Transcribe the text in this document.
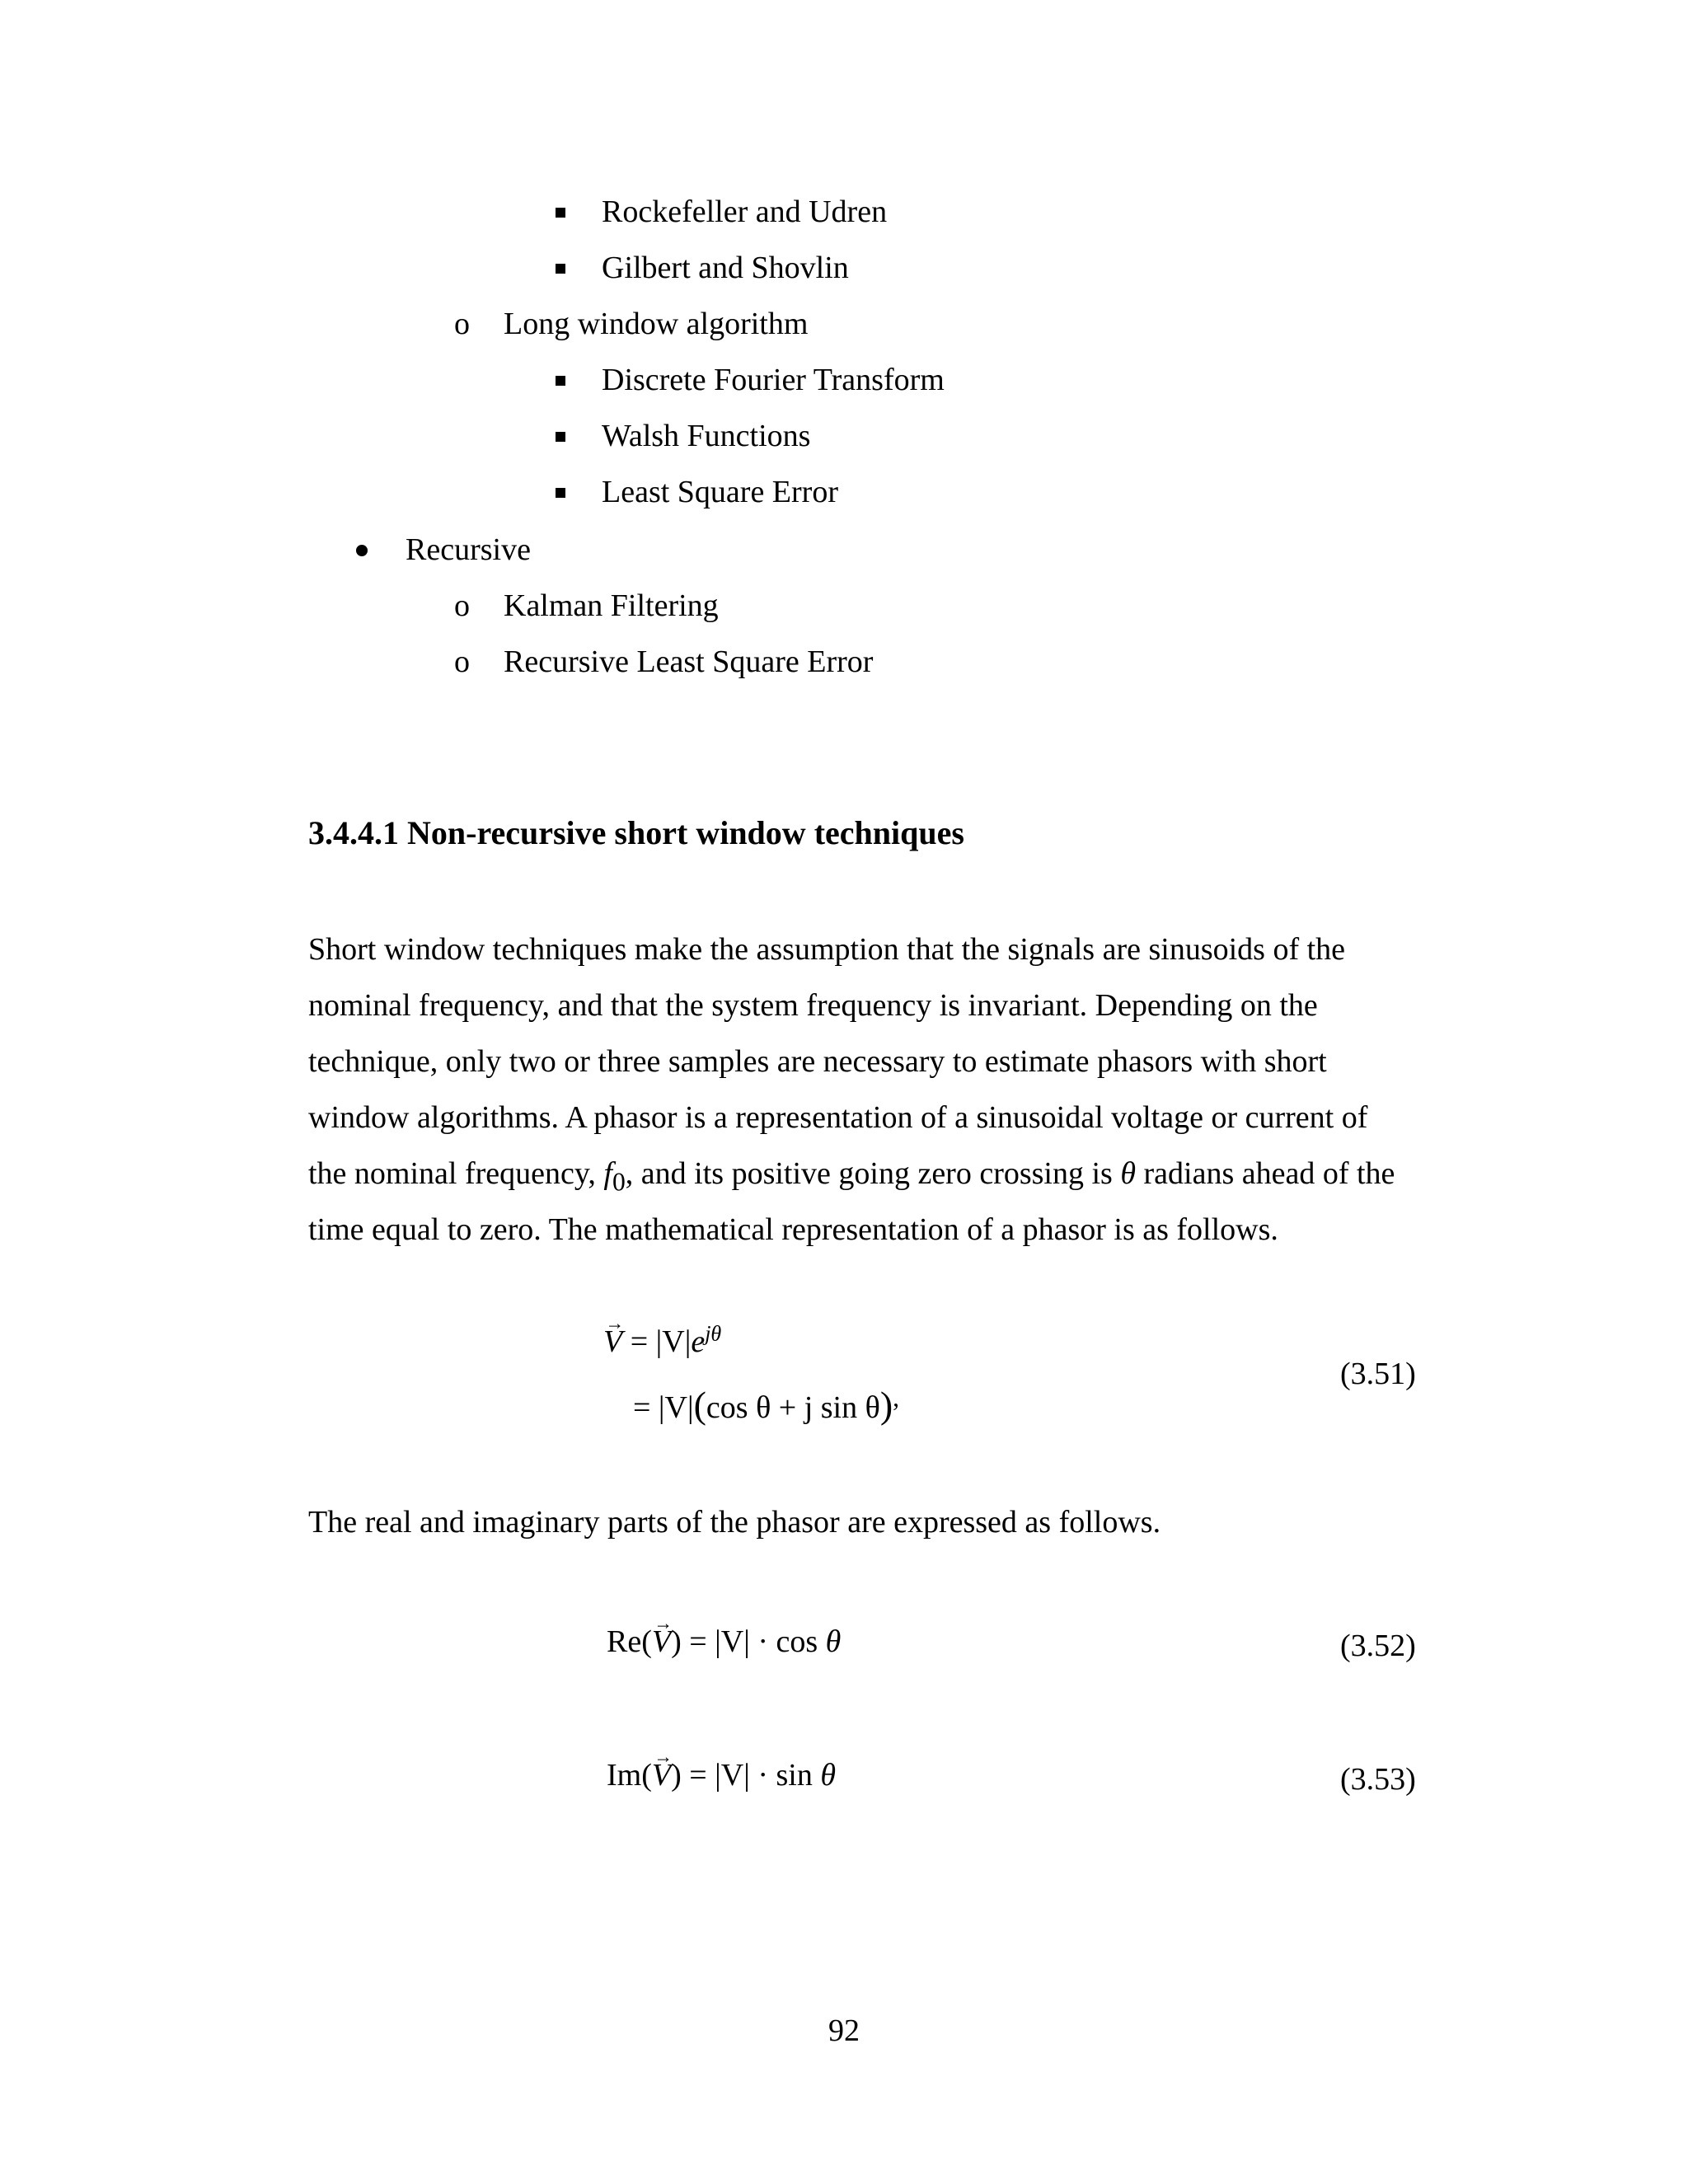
Rockefeller and Udren
Gilbert and Shovlin
o Long window algorithm
Discrete Fourier Transform
Walsh Functions
Least Square Error
Recursive
o Kalman Filtering
o Recursive Least Square Error
3.4.4.1 Non-recursive short window techniques
Short window techniques make the assumption that the signals are sinusoids of the
nominal frequency, and that the system frequency is invariant. Depending on the
technique, only two or three samples are necessary to estimate phasors with short
window algorithms. A phasor is a representation of a sinusoidal voltage or current of
the nominal frequency, $f_0$, and its positive going zero crossing is θ radians ahead of the
time equal to zero. The mathematical representation of a phasor is as follows.
→ $V = |V|e^{j\theta}$
= |V|(cos θ + j sin θ),
(3.51)
The real and imaginary parts of the phasor are expressed as follows.
Re(→ V) = |V| · cos θ	(3.52)
Im(→ V) = |V| · sin θ	(3.53)
92
